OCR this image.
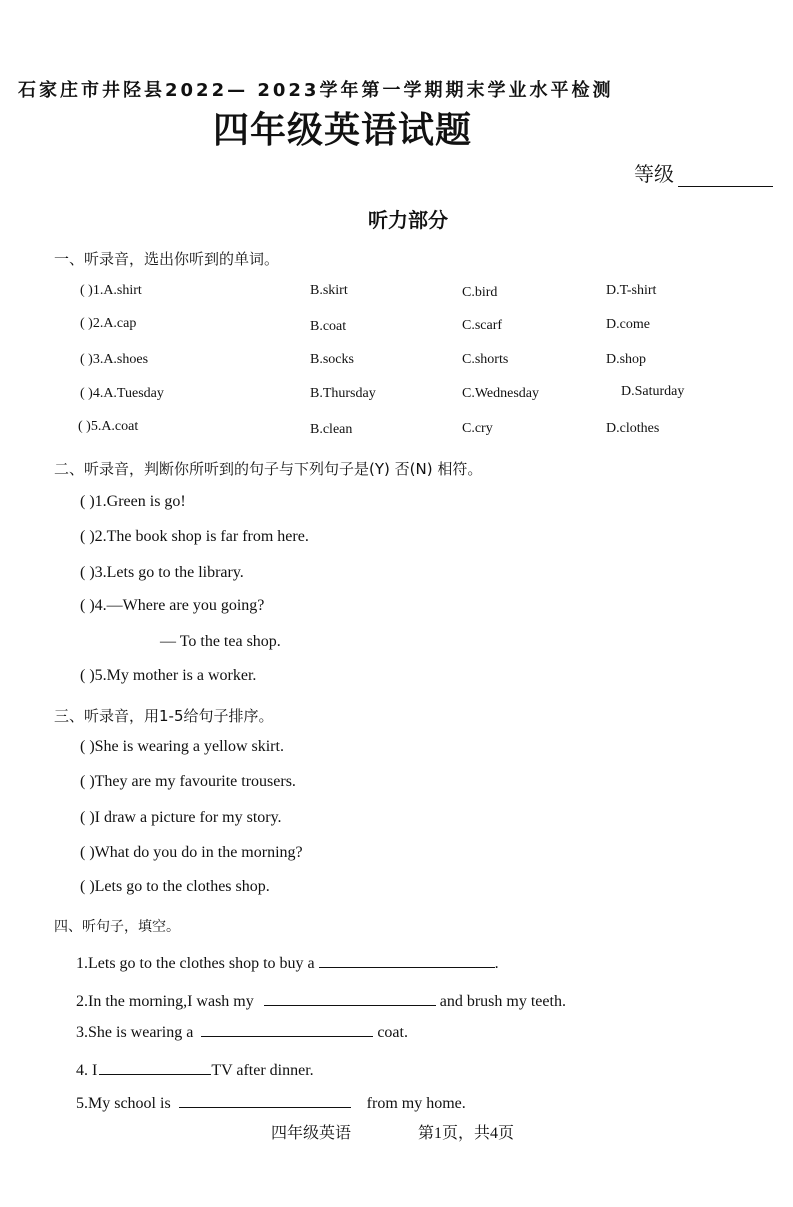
石家庄市井陉县2022— 2023学年第一学期期末学业水平检测
四年级英语试题
等级
听力部分
一、听录音，选出你听到的单词。
( )1.A.shirt	B.skirt	C.bird	D.T-shirt
( )2.A.cap	B.coat	C.scarf	D.come
( )3.A.shoes	B.socks	C.shorts	D.shop
( )4.A.Tuesday	B.Thursday	C.Wednesday	D.Saturday
( )5.A.coat	B.clean	C.cry	D.clothes
二、听录音，判断你所听到的句子与下列句子是(Y) 否(N) 相符。
( )1.Green is go!
( )2.The book shop is far from here.
( )3.Lets go to the library.
( )4.—Where are you going?
— To the tea shop.
( )5.My mother is a worker.
三、听录音，用1-5给句子排序。
( )She is wearing a yellow skirt.
( )They are my favourite trousers.
( )I draw a picture for my story.
( )What do you do in the morning?
( )Lets go to the clothes shop.
四、听句子，填空。
1.Lets go to the clothes shop to buy a	.
2.In the morning,I wash my	and brush my teeth.
3.She is wearing a	coat.
4. I	TV after dinner.
5.My school is	from my home.
四年级英语	第1页，共4页
